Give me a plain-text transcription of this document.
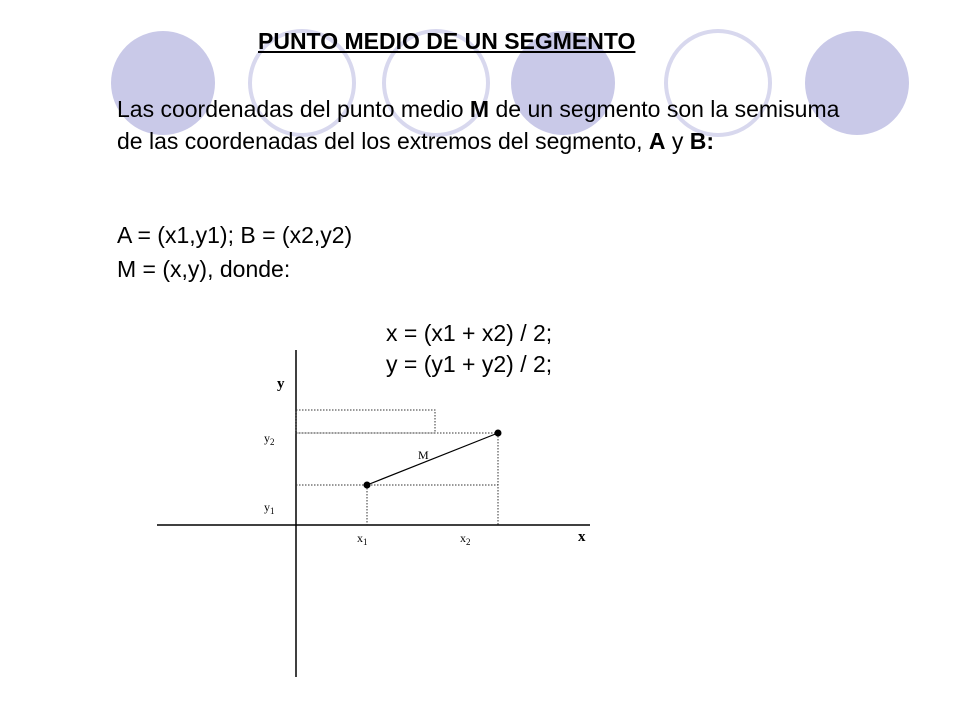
PUNTO MEDIO DE UN SEGMENTO

Las coordenadas del punto medio M de un segmento son la semisuma de las coordenadas del los extremos del segmento, A y B:

A = (x1,y1); B = (x2,y2)

M = (x,y), donde:

x = (x1 + x2) / 2;

y = (y1 + y2) / 2;

y
x
$y_2$
$y_1$
$x_1$	$x_2$
M
